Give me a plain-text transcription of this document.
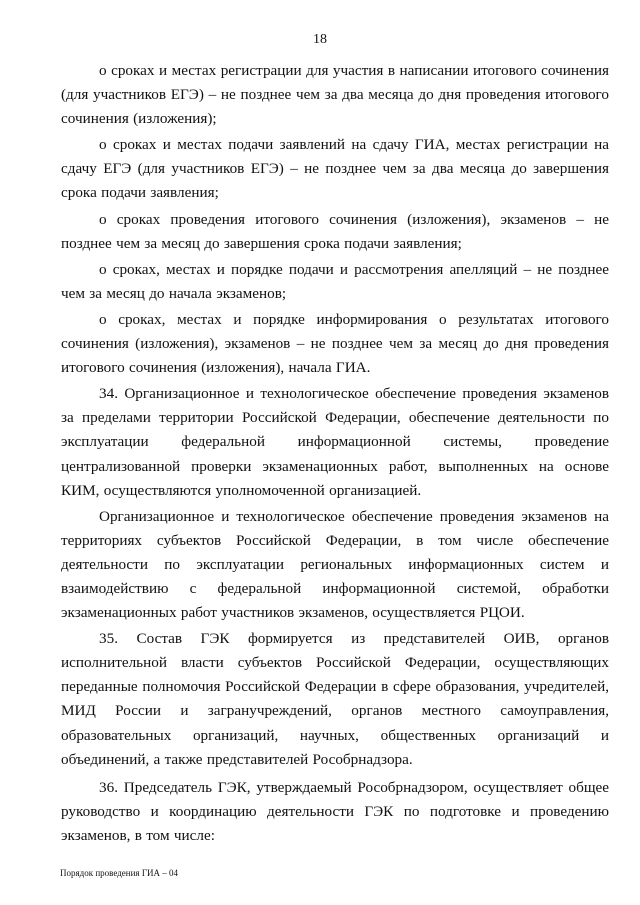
18

о сроках и местах регистрации для участия в написании итогового сочинения (для участников ЕГЭ) – не позднее чем за два месяца до дня проведения итогового сочинения (изложения);

о сроках и местах подачи заявлений на сдачу ГИА, местах регистрации на сдачу ЕГЭ (для участников ЕГЭ) – не позднее чем за два месяца до завершения срока подачи заявления;

о сроках проведения итогового сочинения (изложения), экзаменов – не позднее чем за месяц до завершения срока подачи заявления;

о сроках, местах и порядке подачи и рассмотрения апелляций – не позднее чем за месяц до начала экзаменов;

о сроках, местах и порядке информирования о результатах итогового сочинения (изложения), экзаменов – не позднее чем за месяц до дня проведения итогового сочинения (изложения), начала ГИА.

34. Организационное и технологическое обеспечение проведения экзаменов за пределами территории Российской Федерации, обеспечение деятельности по эксплуатации федеральной информационной системы, проведение централизованной проверки экзаменационных работ, выполненных на основе КИМ, осуществляются уполномоченной организацией.

Организационное и технологическое обеспечение проведения экзаменов на территориях субъектов Российской Федерации, в том числе обеспечение деятельности по эксплуатации региональных информационных систем и взаимодействию с федеральной информационной системой, обработки экзаменационных работ участников экзаменов, осуществляется РЦОИ.

35. Состав ГЭК формируется из представителей ОИВ, органов исполнительной власти субъектов Российской Федерации, осуществляющих переданные полномочия Российской Федерации в сфере образования, учредителей, МИД России и загранучреждений, органов местного самоуправления, образовательных организаций, научных, общественных организаций и объединений, а также представителей Рособрнадзора.

36. Председатель ГЭК, утверждаемый Рособрнадзором, осуществляет общее руководство и координацию деятельности ГЭК по подготовке и проведению экзаменов, в том числе:

Порядок проведения ГИА – 04
